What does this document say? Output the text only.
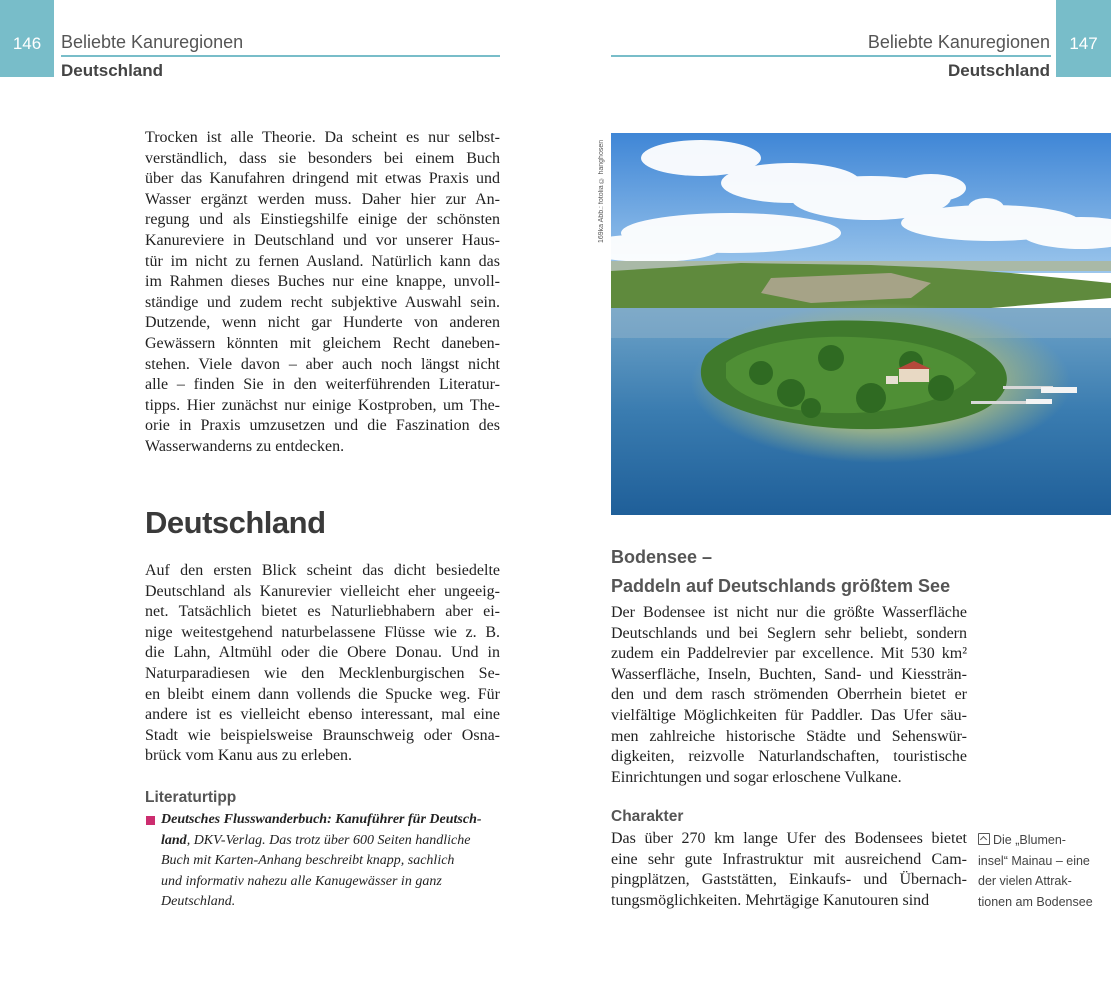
146 Beliebte Kanuregionen
Deutschland
147
Beliebte Kanuregionen
Deutschland

Trocken ist alle Theorie. Da scheint es nur selbst-
verständlich, dass sie besonders bei einem Buch
über das Kanufahren dringend mit etwas Praxis und
Wasser ergänzt werden muss. Daher hier zur An-
regung und als Einstiegshilfe einige der schönsten
Kanureviere in Deutschland und vor unserer Haus-
tür im nicht zu fernen Ausland. Natürlich kann das
im Rahmen dieses Buches nur eine knappe, unvoll-
ständige und zudem recht subjektive Auswahl sein.
Dutzende, wenn nicht gar Hunderte von anderen
Gewässern könnten mit gleichem Recht daneben-
stehen. Viele davon – aber auch noch längst nicht
alle – finden Sie in den weiterführenden Literatur-
tipps. Hier zunächst nur einige Kostproben, um The-
orie in Praxis umzusetzen und die Faszination des
Wasserwanderns zu entdecken.

Deutschland

Auf den ersten Blick scheint das dicht besiedelte
Deutschland als Kanurevier vielleicht eher ungeeig-
net. Tatsächlich bietet es Naturliebhabern aber ei-
nige weitestgehend naturbelassene Flüsse wie z. B.
die Lahn, Altmühl oder die Obere Donau. Und in
Naturparadiesen wie den Mecklenburgischen Se-
en bleibt einem dann vollends die Spucke weg. Für
andere ist es vielleicht ebenso interessant, mal eine
Stadt wie beispielsweise Braunschweig oder Osna-
brück vom Kanu aus zu erleben.

Literaturtipp
Deutsches Flusswanderbuch: Kanuführer für Deutsch-
land, DKV-Verlag. Das trotz über 600 Seiten handliche
Buch mit Karten-Anhang beschreibt knapp, sachlich
und informativ nahezu alle Kanugewässer in ganz
Deutschland.
169ka Abb.: fotolia © hanghosen
Bodensee –
Paddeln auf Deutschlands größtem See

Der Bodensee ist nicht nur die größte Wasserfläche
Deutschlands und bei Seglern sehr beliebt, sondern
zudem ein Paddelrevier par excellence. Mit 530 km²
Wasserfläche, Inseln, Buchten, Sand- und Kiessträn-
den und dem rasch strömenden Oberrhein bietet er
vielfältige Möglichkeiten für Paddler. Das Ufer säu-
men zahlreiche historische Städte und Sehenswür-
digkeiten, reizvolle Naturlandschaften, touristische
Einrichtungen und sogar erloschene Vulkane.

Charakter

Das über 270 km lange Ufer des Bodensees bietet
eine sehr gute Infrastruktur mit ausreichend Cam-
pingplätzen, Gaststätten, Einkaufs- und Übernach-
tungsmöglichkeiten. Mehrtägige Kanutouren sind

Die „Blumen-
insel“ Mainau – eine
der vielen Attrak-
tionen am Bodensee
